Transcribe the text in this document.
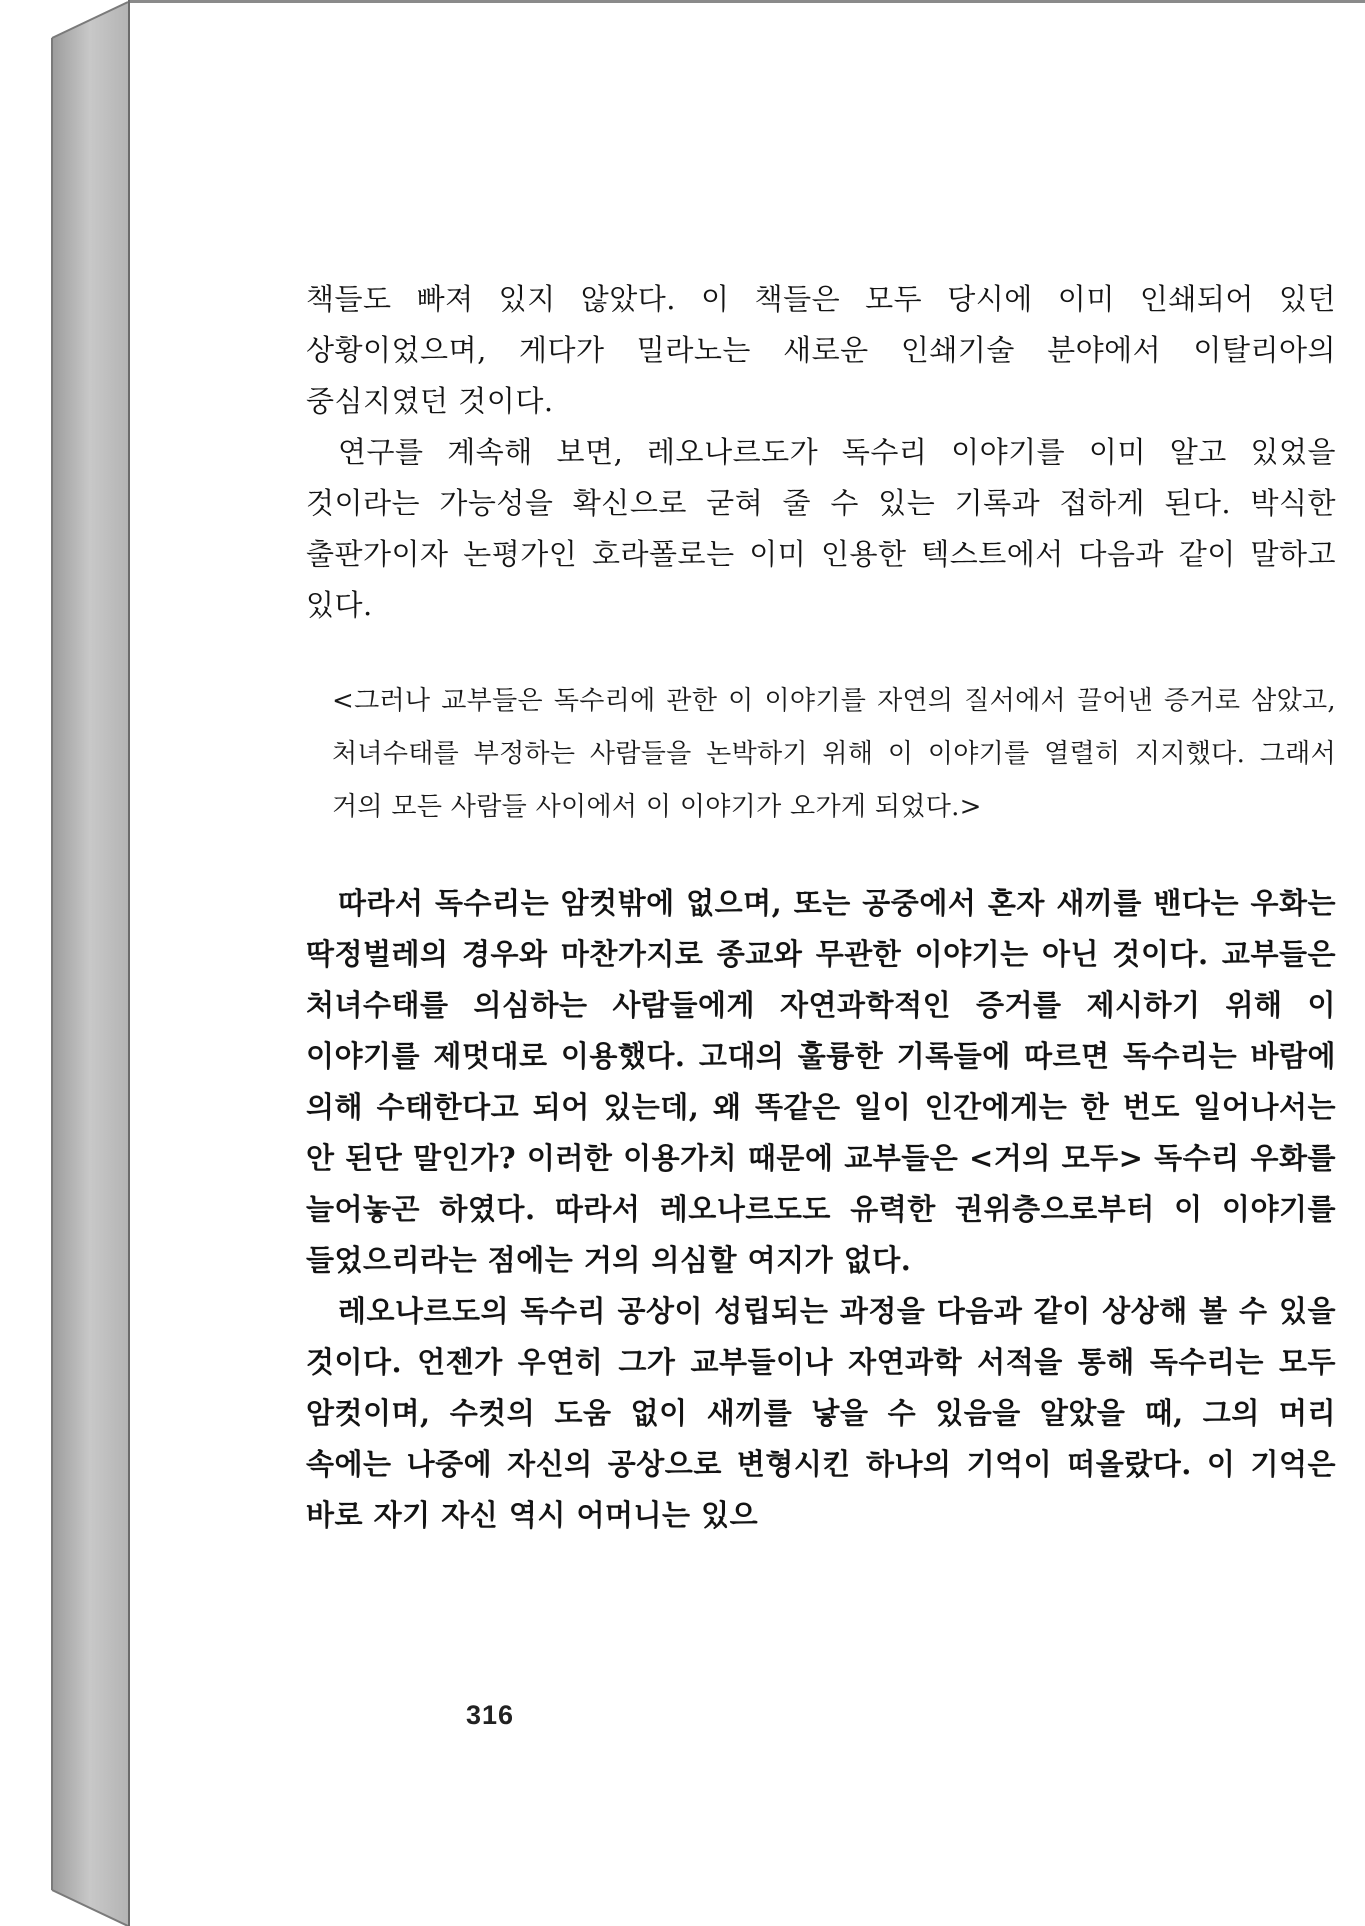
책들도 빠져 있지 않았다. 이 책들은 모두 당시에 이미 인쇄되어 있던 상황이었으며, 게다가 밀라노는 새로운 인쇄기술 분야에서 이탈리아의 중심지였던 것이다.

연구를 계속해 보면, 레오나르도가 독수리 이야기를 이미 알고 있었을 것이라는 가능성을 확신으로 굳혀 줄 수 있는 기록과 접하게 된다. 박식한 출판가이자 논평가인 호라폴로는 이미 인용한 텍스트에서 다음과 같이 말하고 있다.

<그러나 교부들은 독수리에 관한 이 이야기를 자연의 질서에서 끌어낸 증거로 삼았고, 처녀수태를 부정하는 사람들을 논박하기 위해 이 이야기를 열렬히 지지했다. 그래서 거의 모든 사람들 사이에서 이 이야기가 오가게 되었다.>

따라서 독수리는 암컷밖에 없으며, 또는 공중에서 혼자 새끼를 밴다는 우화는 딱정벌레의 경우와 마찬가지로 종교와 무관한 이야기는 아닌 것이다. 교부들은 처녀수태를 의심하는 사람들에게 자연과학적인 증거를 제시하기 위해 이 이야기를 제멋대로 이용했다. 고대의 훌륭한 기록들에 따르면 독수리는 바람에 의해 수태한다고 되어 있는데, 왜 똑같은 일이 인간에게는 한 번도 일어나서는 안 된단 말인가? 이러한 이용가치 때문에 교부들은 <거의 모두> 독수리 우화를 늘어놓곤 하였다. 따라서 레오나르도도 유력한 권위층으로부터 이 이야기를 들었으리라는 점에는 거의 의심할 여지가 없다.

레오나르도의 독수리 공상이 성립되는 과정을 다음과 같이 상상해 볼 수 있을 것이다. 언젠가 우연히 그가 교부들이나 자연과학 서적을 통해 독수리는 모두 암컷이며, 수컷의 도움 없이 새끼를 낳을 수 있음을 알았을 때, 그의 머리 속에는 나중에 자신의 공상으로 변형시킨 하나의 기억이 떠올랐다. 이 기억은 바로 자기 자신 역시 어머니는 있으

316
